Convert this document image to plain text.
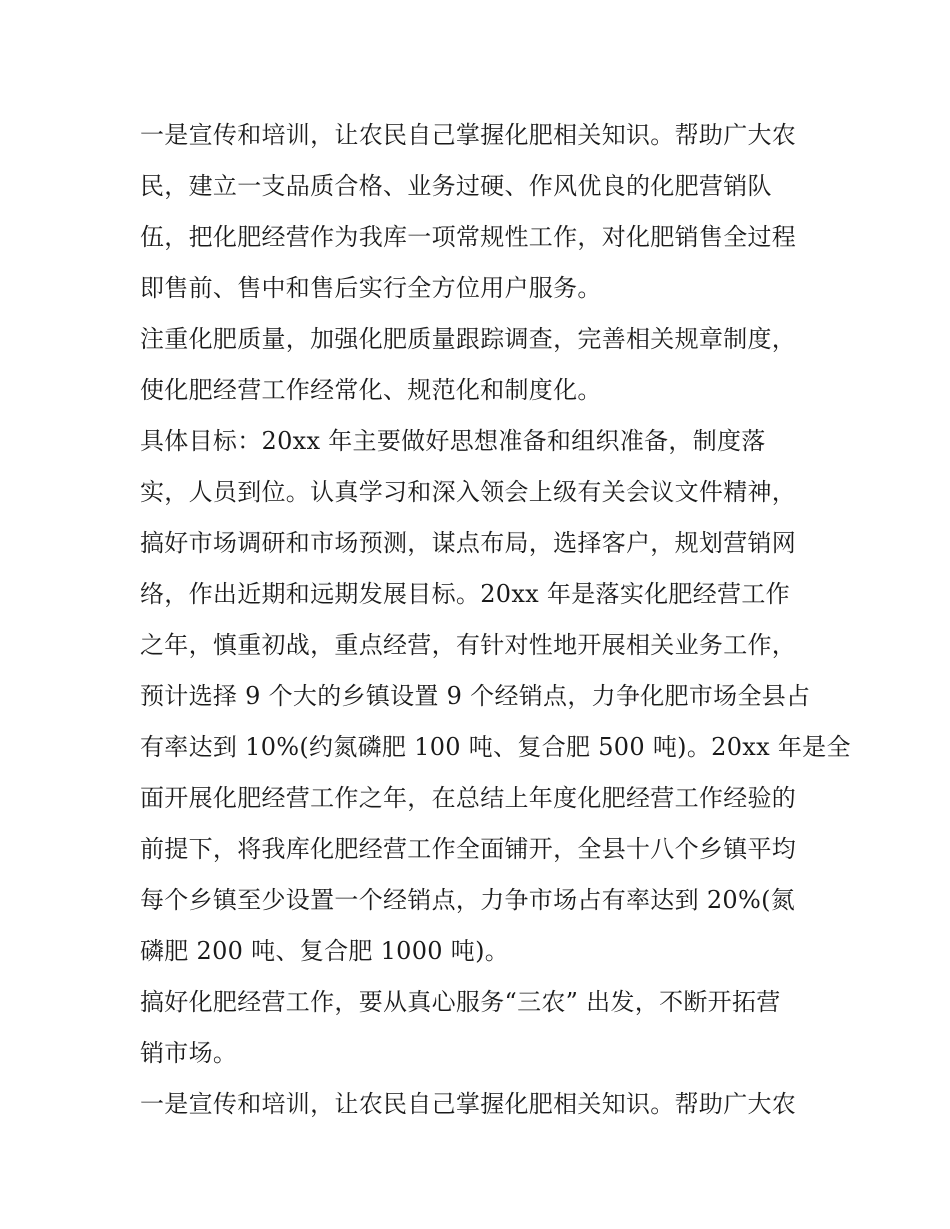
一是宣传和培训，让农民自己掌握化肥相关知识。帮助广大农
民，建立一支品质合格、业务过硬、作风优良的化肥营销队
伍，把化肥经营作为我库一项常规性工作，对化肥销售全过程
即售前、售中和售后实行全方位用户服务。
注重化肥质量，加强化肥质量跟踪调查，完善相关规章制度，
使化肥经营工作经常化、规范化和制度化。
具体目标：20xx 年主要做好思想准备和组织准备，制度落
实，人员到位。认真学习和深入领会上级有关会议文件精神，
搞好市场调研和市场预测，谋点布局，选择客户，规划营销网
络，作出近期和远期发展目标。20xx 年是落实化肥经营工作
之年，慎重初战，重点经营，有针对性地开展相关业务工作，
预计选择 9 个大的乡镇设置 9 个经销点，力争化肥市场全县占
有率达到 10%(约氮磷肥 100 吨、复合肥 500 吨)。20xx 年是全
面开展化肥经营工作之年，在总结上年度化肥经营工作经验的
前提下，将我库化肥经营工作全面铺开，全县十八个乡镇平均
每个乡镇至少设置一个经销点，力争市场占有率达到 20%(氮
磷肥 200 吨、复合肥 1000 吨)。
搞好化肥经营工作，要从真心服务“三农” 出发，不断开拓营
销市场。
一是宣传和培训，让农民自己掌握化肥相关知识。帮助广大农
